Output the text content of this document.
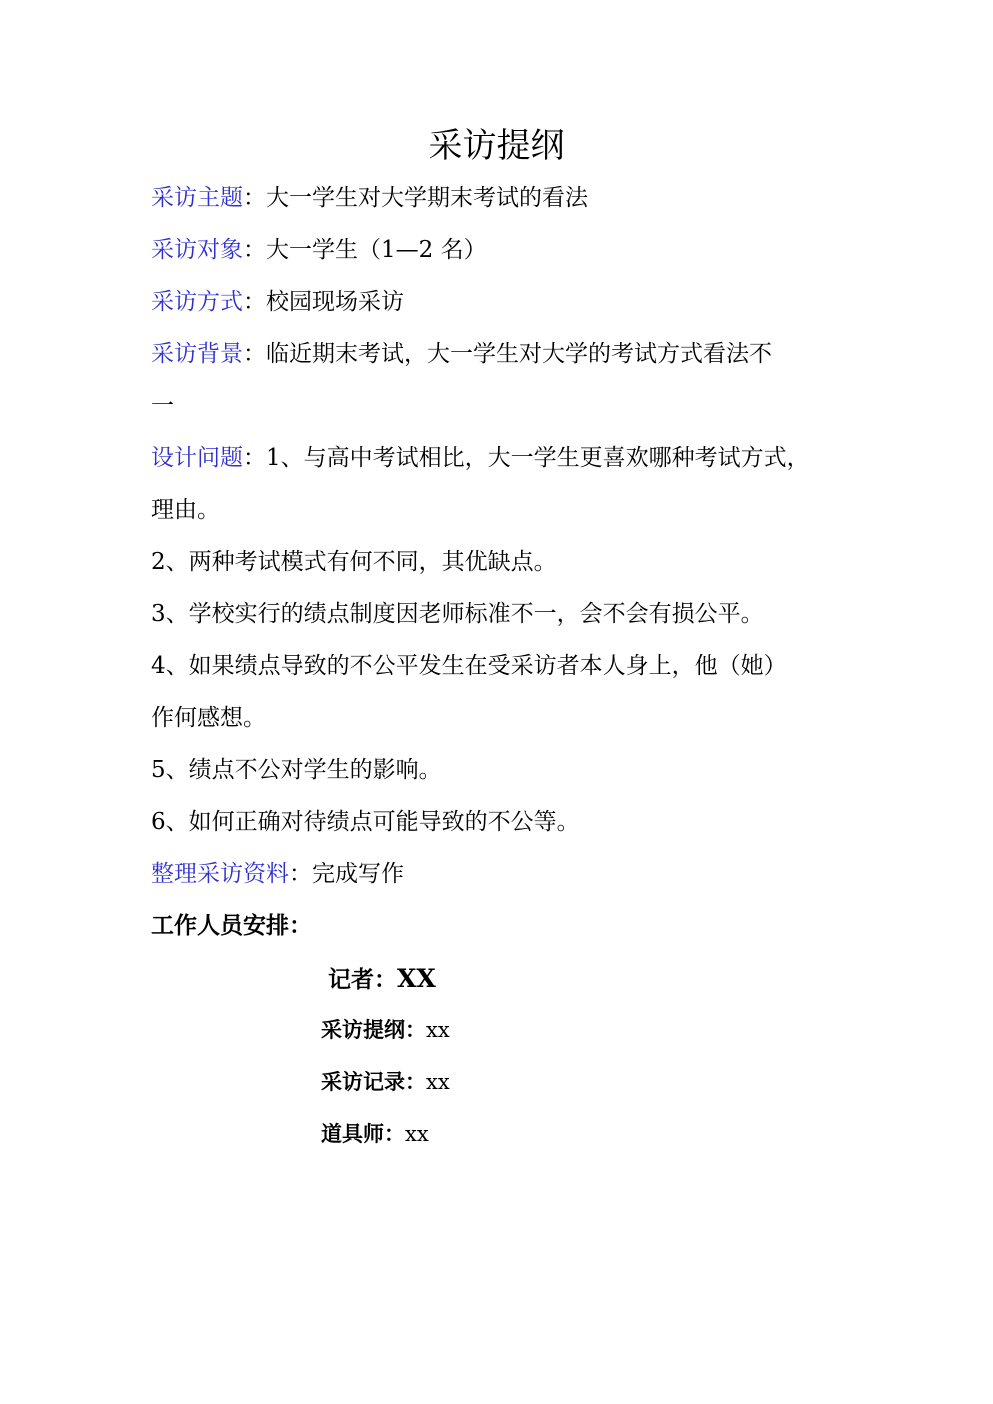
采访提纲
采访主题：大一学生对大学期末考试的看法
采访对象：大一学生（1—2 名）
采访方式：校园现场采访
采访背景：临近期末考试，大一学生对大学的考试方式看法不
一
设计问题：1、与高中考试相比，大一学生更喜欢哪种考试方式，
理由。
2、两种考试模式有何不同，其优缺点。
3、学校实行的绩点制度因老师标准不一，会不会有损公平。
4、如果绩点导致的不公平发生在受采访者本人身上，他（她）
作何感想。
5、绩点不公对学生的影响。
6、如何正确对待绩点可能导致的不公等。
整理采访资料：完成写作
工作人员安排：
记者：XX
采访提纲：xx
采访记录：xx
道具师：xx
